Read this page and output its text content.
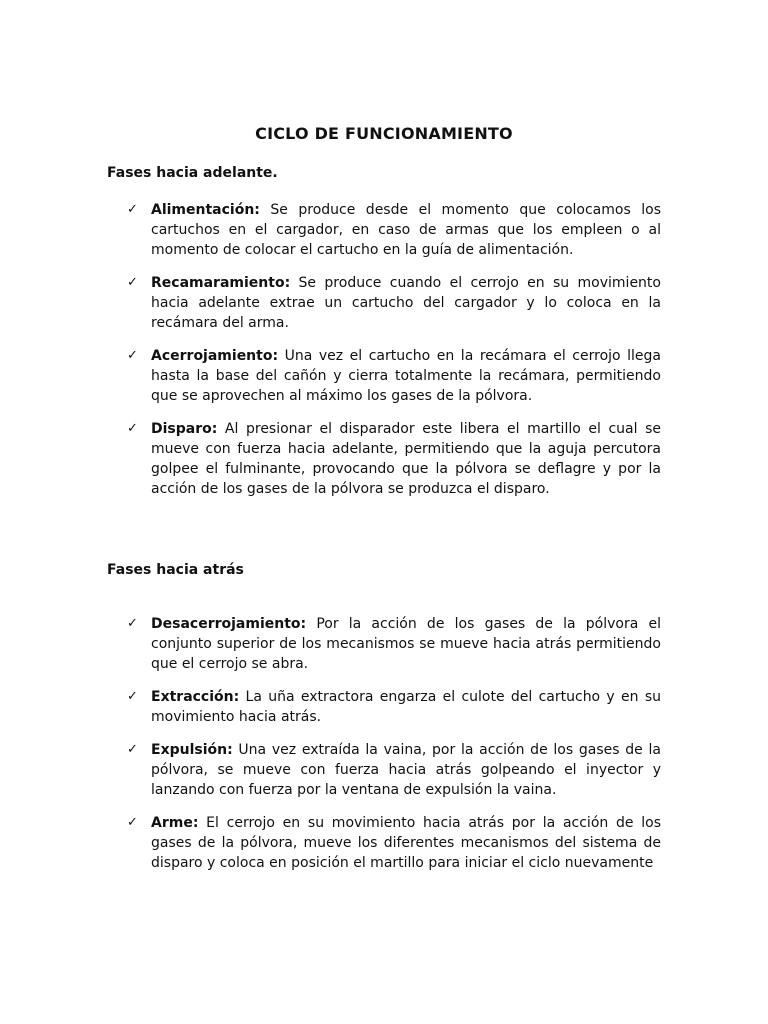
CICLO DE FUNCIONAMIENTO
Fases hacia adelante.
✓ Alimentación: Se produce desde el momento que colocamos los cartuchos en el cargador, en caso de armas que los empleen o al momento de colocar el cartucho en la guía de alimentación.
✓ Recamaramiento: Se produce cuando el cerrojo en su movimiento hacia adelante extrae un cartucho del cargador y lo coloca en la recámara del arma.
✓ Acerrojamiento: Una vez el cartucho en la recámara el cerrojo llega hasta la base del cañón y cierra totalmente la recámara, permitiendo que se aprovechen al máximo los gases de la pólvora.
✓ Disparo: Al presionar el disparador este libera el martillo el cual se mueve con fuerza hacia adelante, permitiendo que la aguja percutora golpee el fulminante, provocando que la pólvora se deflagre y por la acción de los gases de la pólvora se produzca el disparo.
Fases hacia atrás
✓ Desacerrojamiento: Por la acción de los gases de la pólvora el conjunto superior de los mecanismos se mueve hacia atrás permitiendo que el cerrojo se abra.
✓ Extracción: La uña extractora engarza el culote del cartucho y en su movimiento hacia atrás.
✓ Expulsión: Una vez extraída la vaina, por la acción de los gases de la pólvora, se mueve con fuerza hacia atrás golpeando el inyector y lanzando con fuerza por la ventana de expulsión la vaina.
✓ Arme: El cerrojo en su movimiento hacia atrás por la acción de los gases de la pólvora, mueve los diferentes mecanismos del sistema de disparo y coloca en posición el martillo para iniciar el ciclo nuevamente
